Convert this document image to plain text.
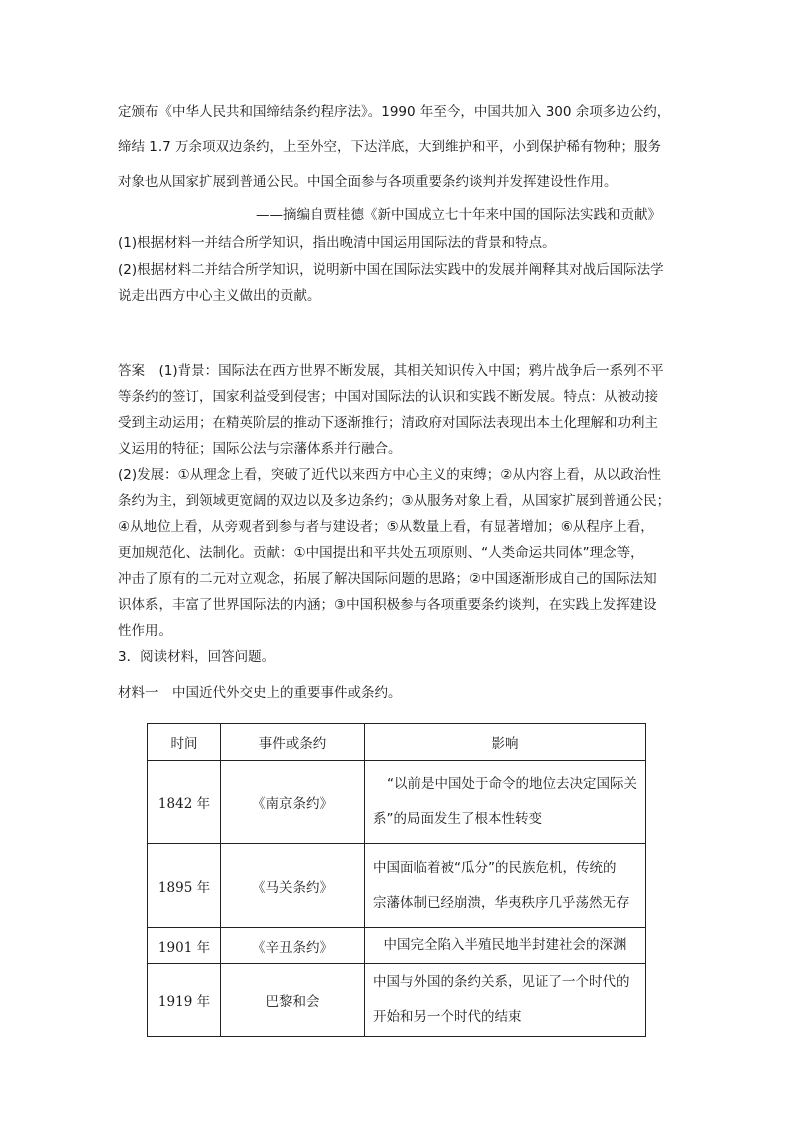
定颁布《中华人民共和国缔结条约程序法》。1990 年至今，中国共加入 300 余项多边公约，
缔结 1.7 万余项双边条约，上至外空，下达洋底，大到维护和平，小到保护稀有物种；服务
对象也从国家扩展到普通公民。中国全面参与各项重要条约谈判并发挥建设性作用。
——摘编自贾桂德《新中国成立七十年来中国的国际法实践和贡献》
(1)根据材料一并结合所学知识，指出晚清中国运用国际法的背景和特点。
(2)根据材料二并结合所学知识，说明新中国在国际法实践中的发展并阐释其对战后国际法学
说走出西方中心主义做出的贡献。
答案　(1)背景：国际法在西方世界不断发展，其相关知识传入中国；鸦片战争后一系列不平
等条约的签订，国家利益受到侵害；中国对国际法的认识和实践不断发展。特点：从被动接
受到主动运用；在精英阶层的推动下逐渐推行；清政府对国际法表现出本土化理解和功利主
义运用的特征；国际公法与宗藩体系并行融合。
(2)发展：①从理念上看，突破了近代以来西方中心主义的束缚；②从内容上看，从以政治性
条约为主，到领域更宽阔的双边以及多边条约；③从服务对象上看，从国家扩展到普通公民；
④从地位上看，从旁观者到参与者与建设者；⑤从数量上看，有显著增加；⑥从程序上看，
更加规范化、法制化。贡献：①中国提出和平共处五项原则、“人类命运共同体”理念等，
冲击了原有的二元对立观念，拓展了解决国际问题的思路；②中国逐渐形成自己的国际法知
识体系，丰富了世界国际法的内涵；③中国积极参与各项重要条约谈判，在实践上发挥建设
性作用。
3．阅读材料，回答问题。
材料一　中国近代外交史上的重要事件或条约。
时间	事件或条约	影响
1842 年	《南京条约》	“以前是中国处于命令的地位去决定国际关
系”的局面发生了根本性转变

1895 年	《马关条约》	中国面临着被“瓜分”的民族危机，传统的
宗藩体制已经崩溃，华夷秩序几乎荡然无存

1901 年	《辛丑条约》	中国完全陷入半殖民地半封建社会的深渊
1919 年	巴黎和会	中国与外国的条约关系，见证了一个时代的
开始和另一个时代的结束
